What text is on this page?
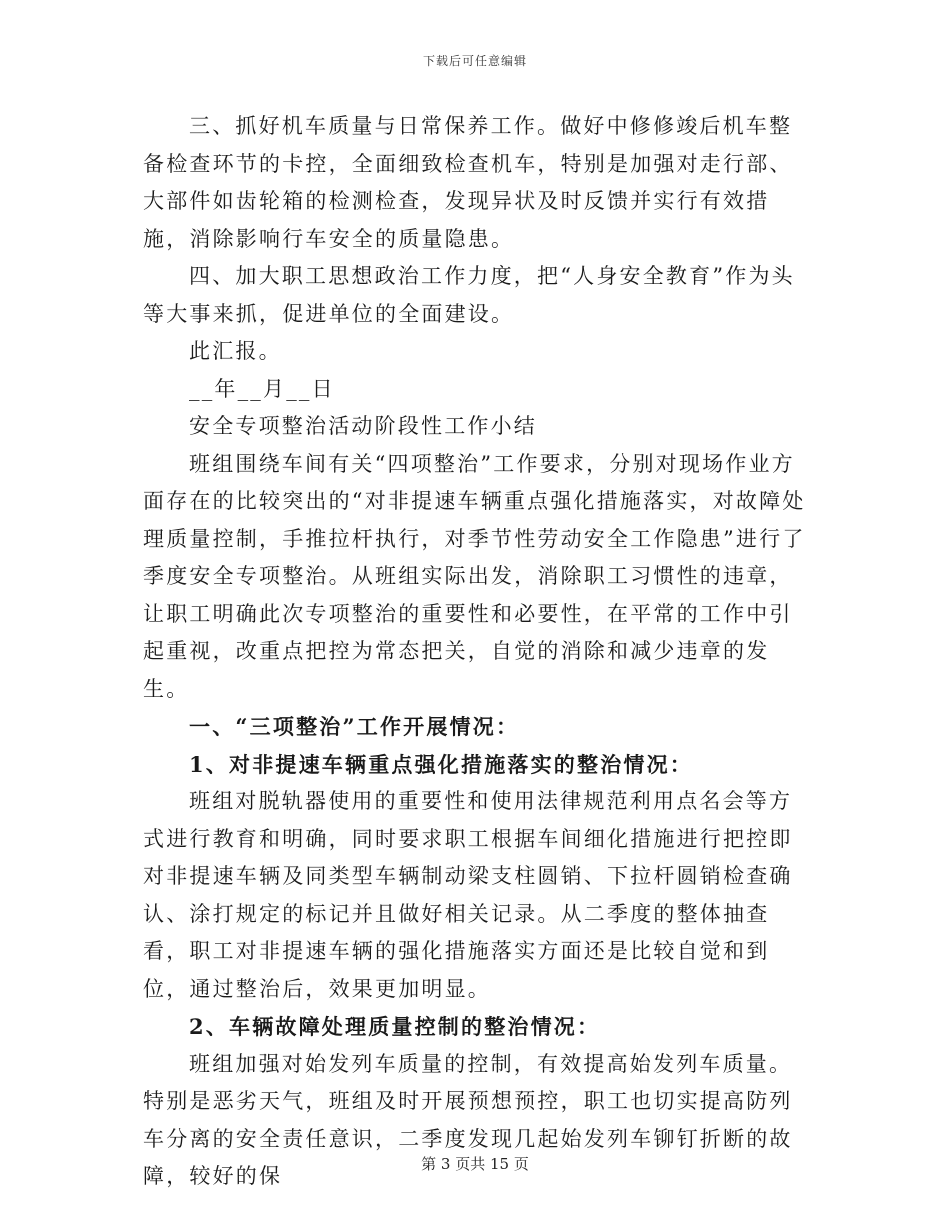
下载后可任意编辑

三、抓好机车质量与日常保养工作。做好中修修竣后机车整备检查环节的卡控，全面细致检查机车，特别是加强对走行部、大部件如齿轮箱的检测检查，发现异状及时反馈并实行有效措施，消除影响行车安全的质量隐患。

四、加大职工思想政治工作力度，把“人身安全教育”作为头等大事来抓，促进单位的全面建设。

此汇报。

__年__月__日

安全专项整治活动阶段性工作小结

班组围绕车间有关“四项整治”工作要求，分别对现场作业方面存在的比较突出的“对非提速车辆重点强化措施落实，对故障处理质量控制，手推拉杆执行，对季节性劳动安全工作隐患”进行了季度安全专项整治。从班组实际出发，消除职工习惯性的违章，让职工明确此次专项整治的重要性和必要性，在平常的工作中引起重视，改重点把控为常态把关，自觉的消除和减少违章的发生。

一、“三项整治”工作开展情况：

1、对非提速车辆重点强化措施落实的整治情况：

班组对脱轨器使用的重要性和使用法律规范利用点名会等方式进行教育和明确，同时要求职工根据车间细化措施进行把控即对非提速车辆及同类型车辆制动梁支柱圆销、下拉杆圆销检查确认、涂打规定的标记并且做好相关记录。从二季度的整体抽查看，职工对非提速车辆的强化措施落实方面还是比较自觉和到位，通过整治后，效果更加明显。

2、车辆故障处理质量控制的整治情况：

班组加强对始发列车质量的控制，有效提高始发列车质量。特别是恶劣天气，班组及时开展预想预控，职工也切实提高防列车分离的安全责任意识，二季度发现几起始发列车铆钉折断的故障，较好的保	第 3 页共 15 页
